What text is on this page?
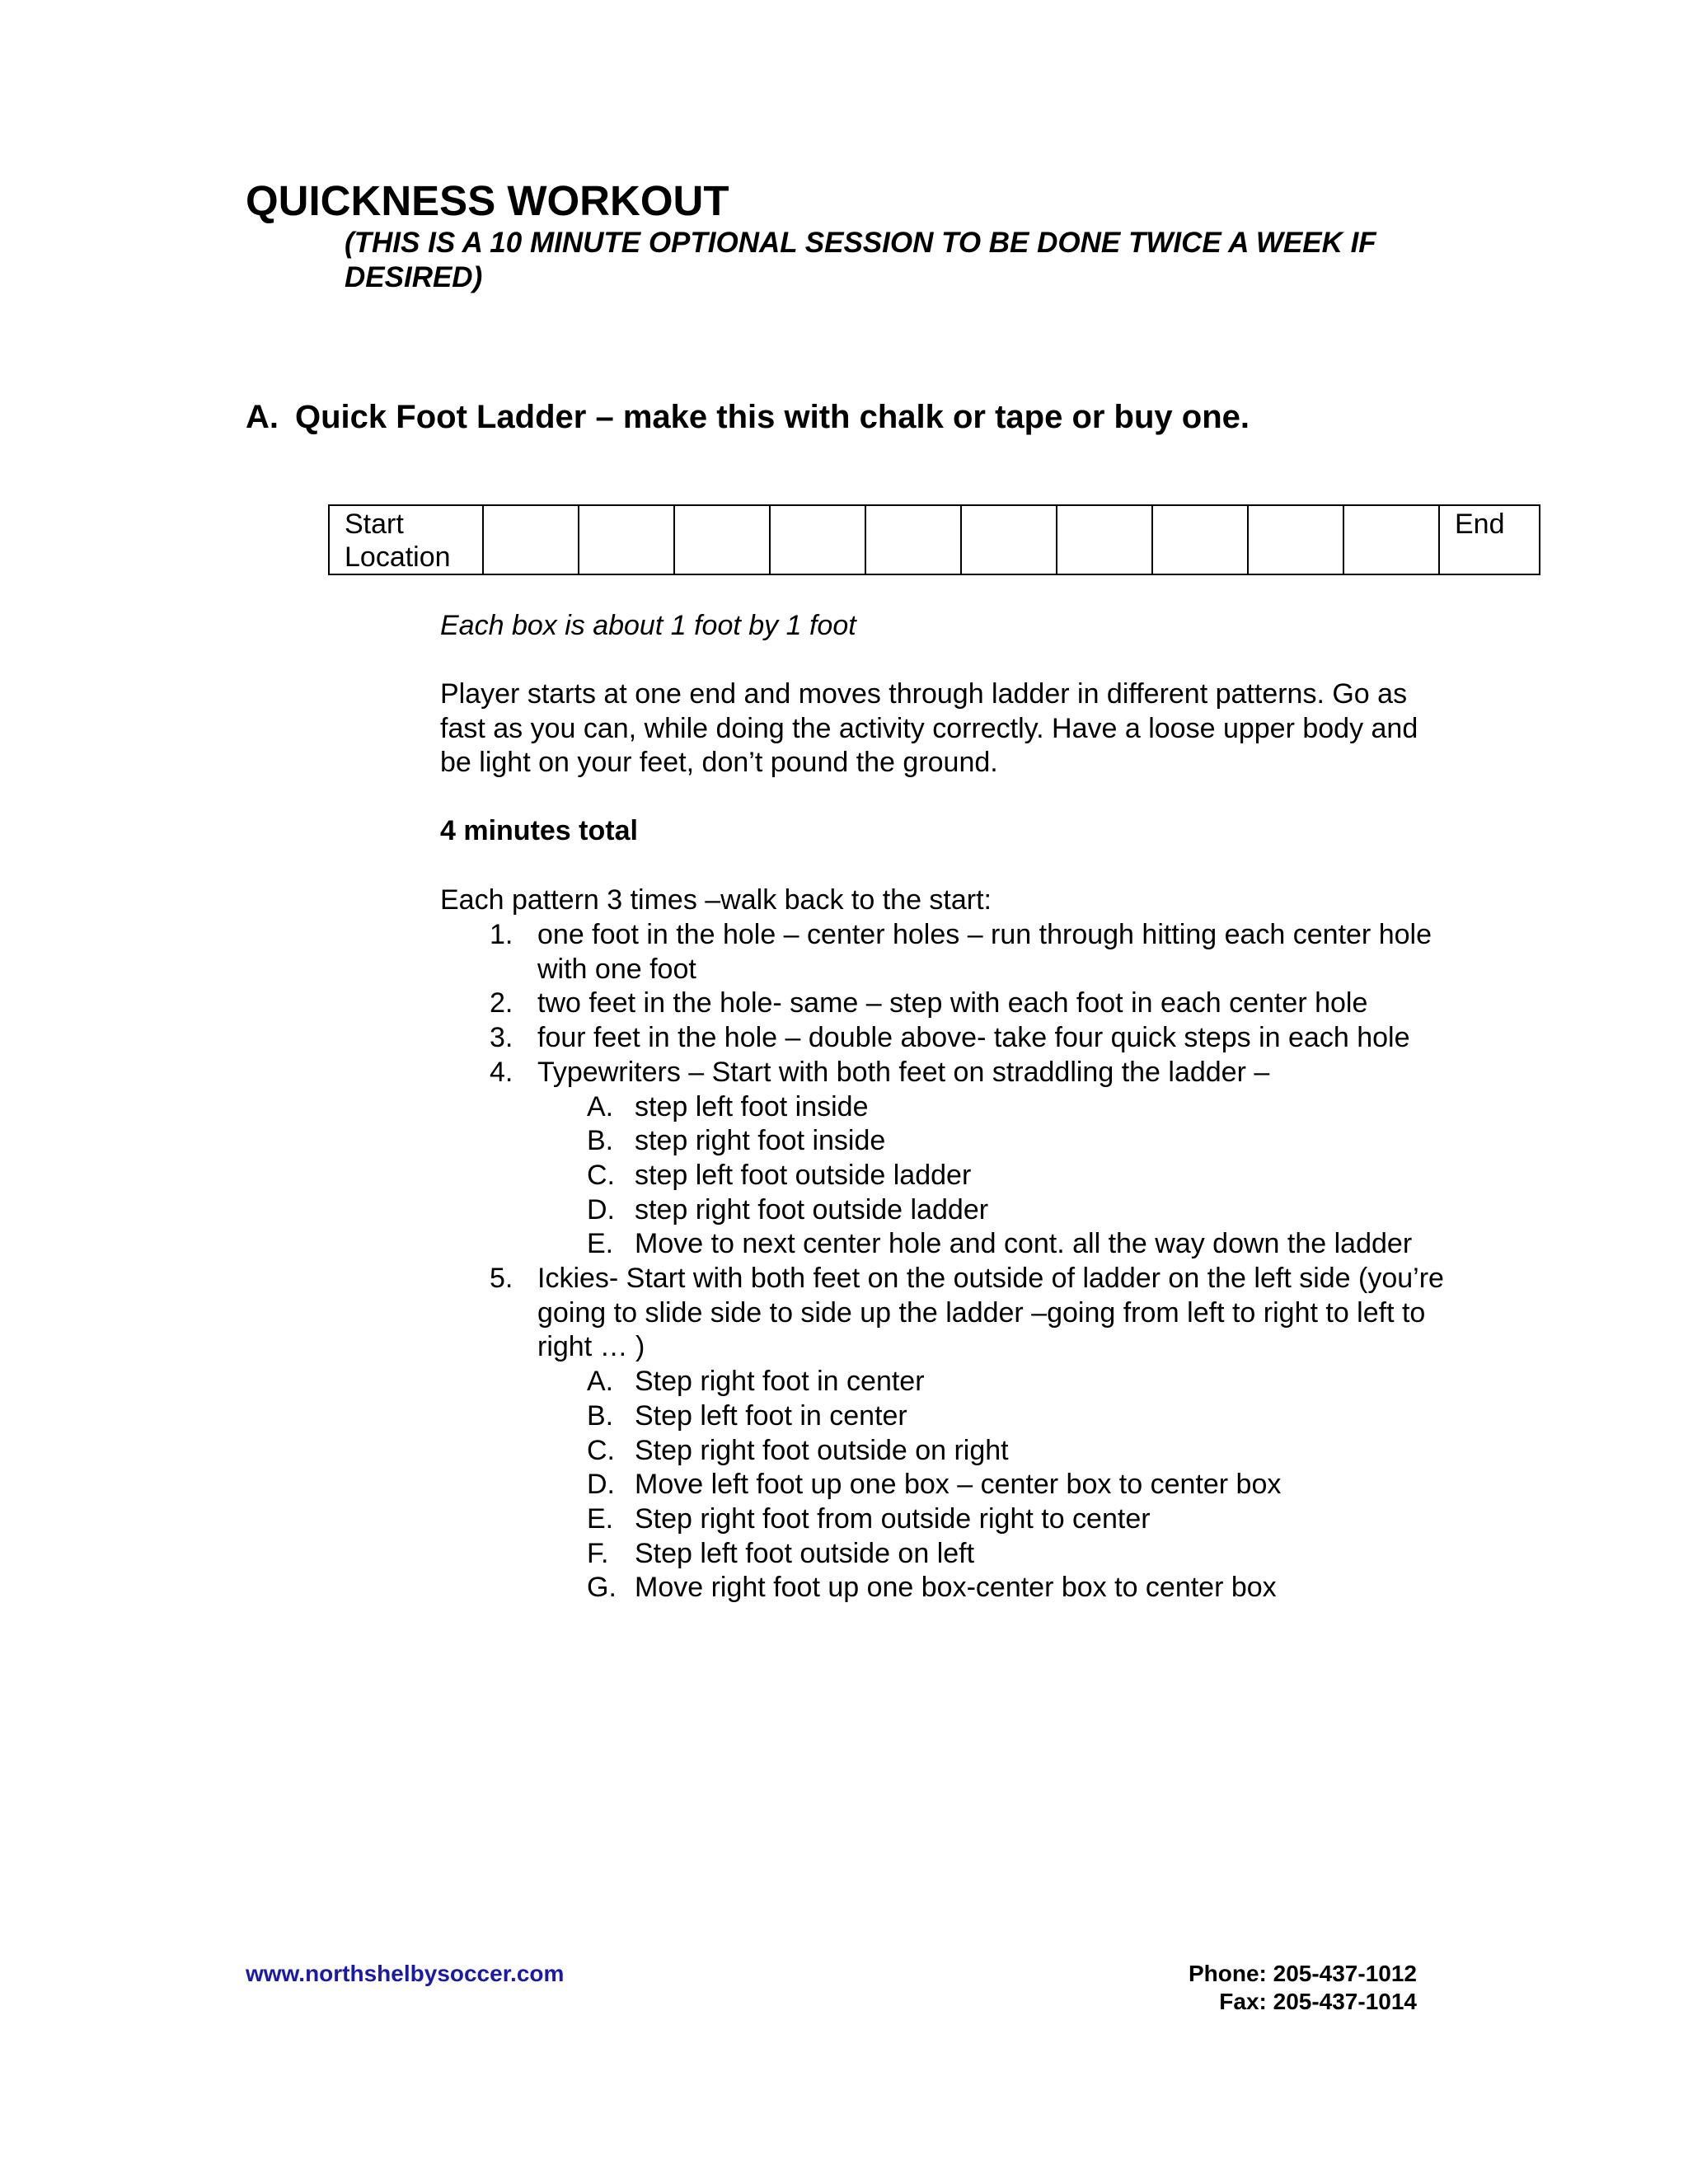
QUICKNESS WORKOUT

(THIS IS A 10 MINUTE OPTIONAL SESSION TO BE DONE TWICE A WEEK IF DESIRED)

A. Quick Foot Ladder – make this with chalk or tape or buy one.
Start
Location											End

Each box is about 1 foot by 1 foot

Player starts at one end and moves through ladder in different patterns. Go as fast as you can, while doing the activity correctly. Have a loose upper body and be light on your feet, don’t pound the ground.

4 minutes total

Each pattern 3 times –walk back to the start:

1. one foot in the hole – center holes – run through hitting each center hole with one foot
2. two feet in the hole- same – step with each foot in each center hole
3. four feet in the hole – double above- take four quick steps in each hole
4. Typewriters – Start with both feet on straddling the ladder –
A. step left foot inside
B. step right foot inside
C. step left foot outside ladder
D. step right foot outside ladder
E. Move to next center hole and cont. all the way down the ladder
5. Ickies- Start with both feet on the outside of ladder on the left side (you’re going to slide side to side up the ladder –going from left to right to left to right … )
A. Step right foot in center
B. Step left foot in center
C. Step right foot outside on right
D. Move left foot up one box – center box to center box
E. Step right foot from outside right to center
F. Step left foot outside on left
G. Move right foot up one box-center box to center box

www.northshelbysoccer.com	Phone: 205-437-1012
Fax: 205-437-1014
